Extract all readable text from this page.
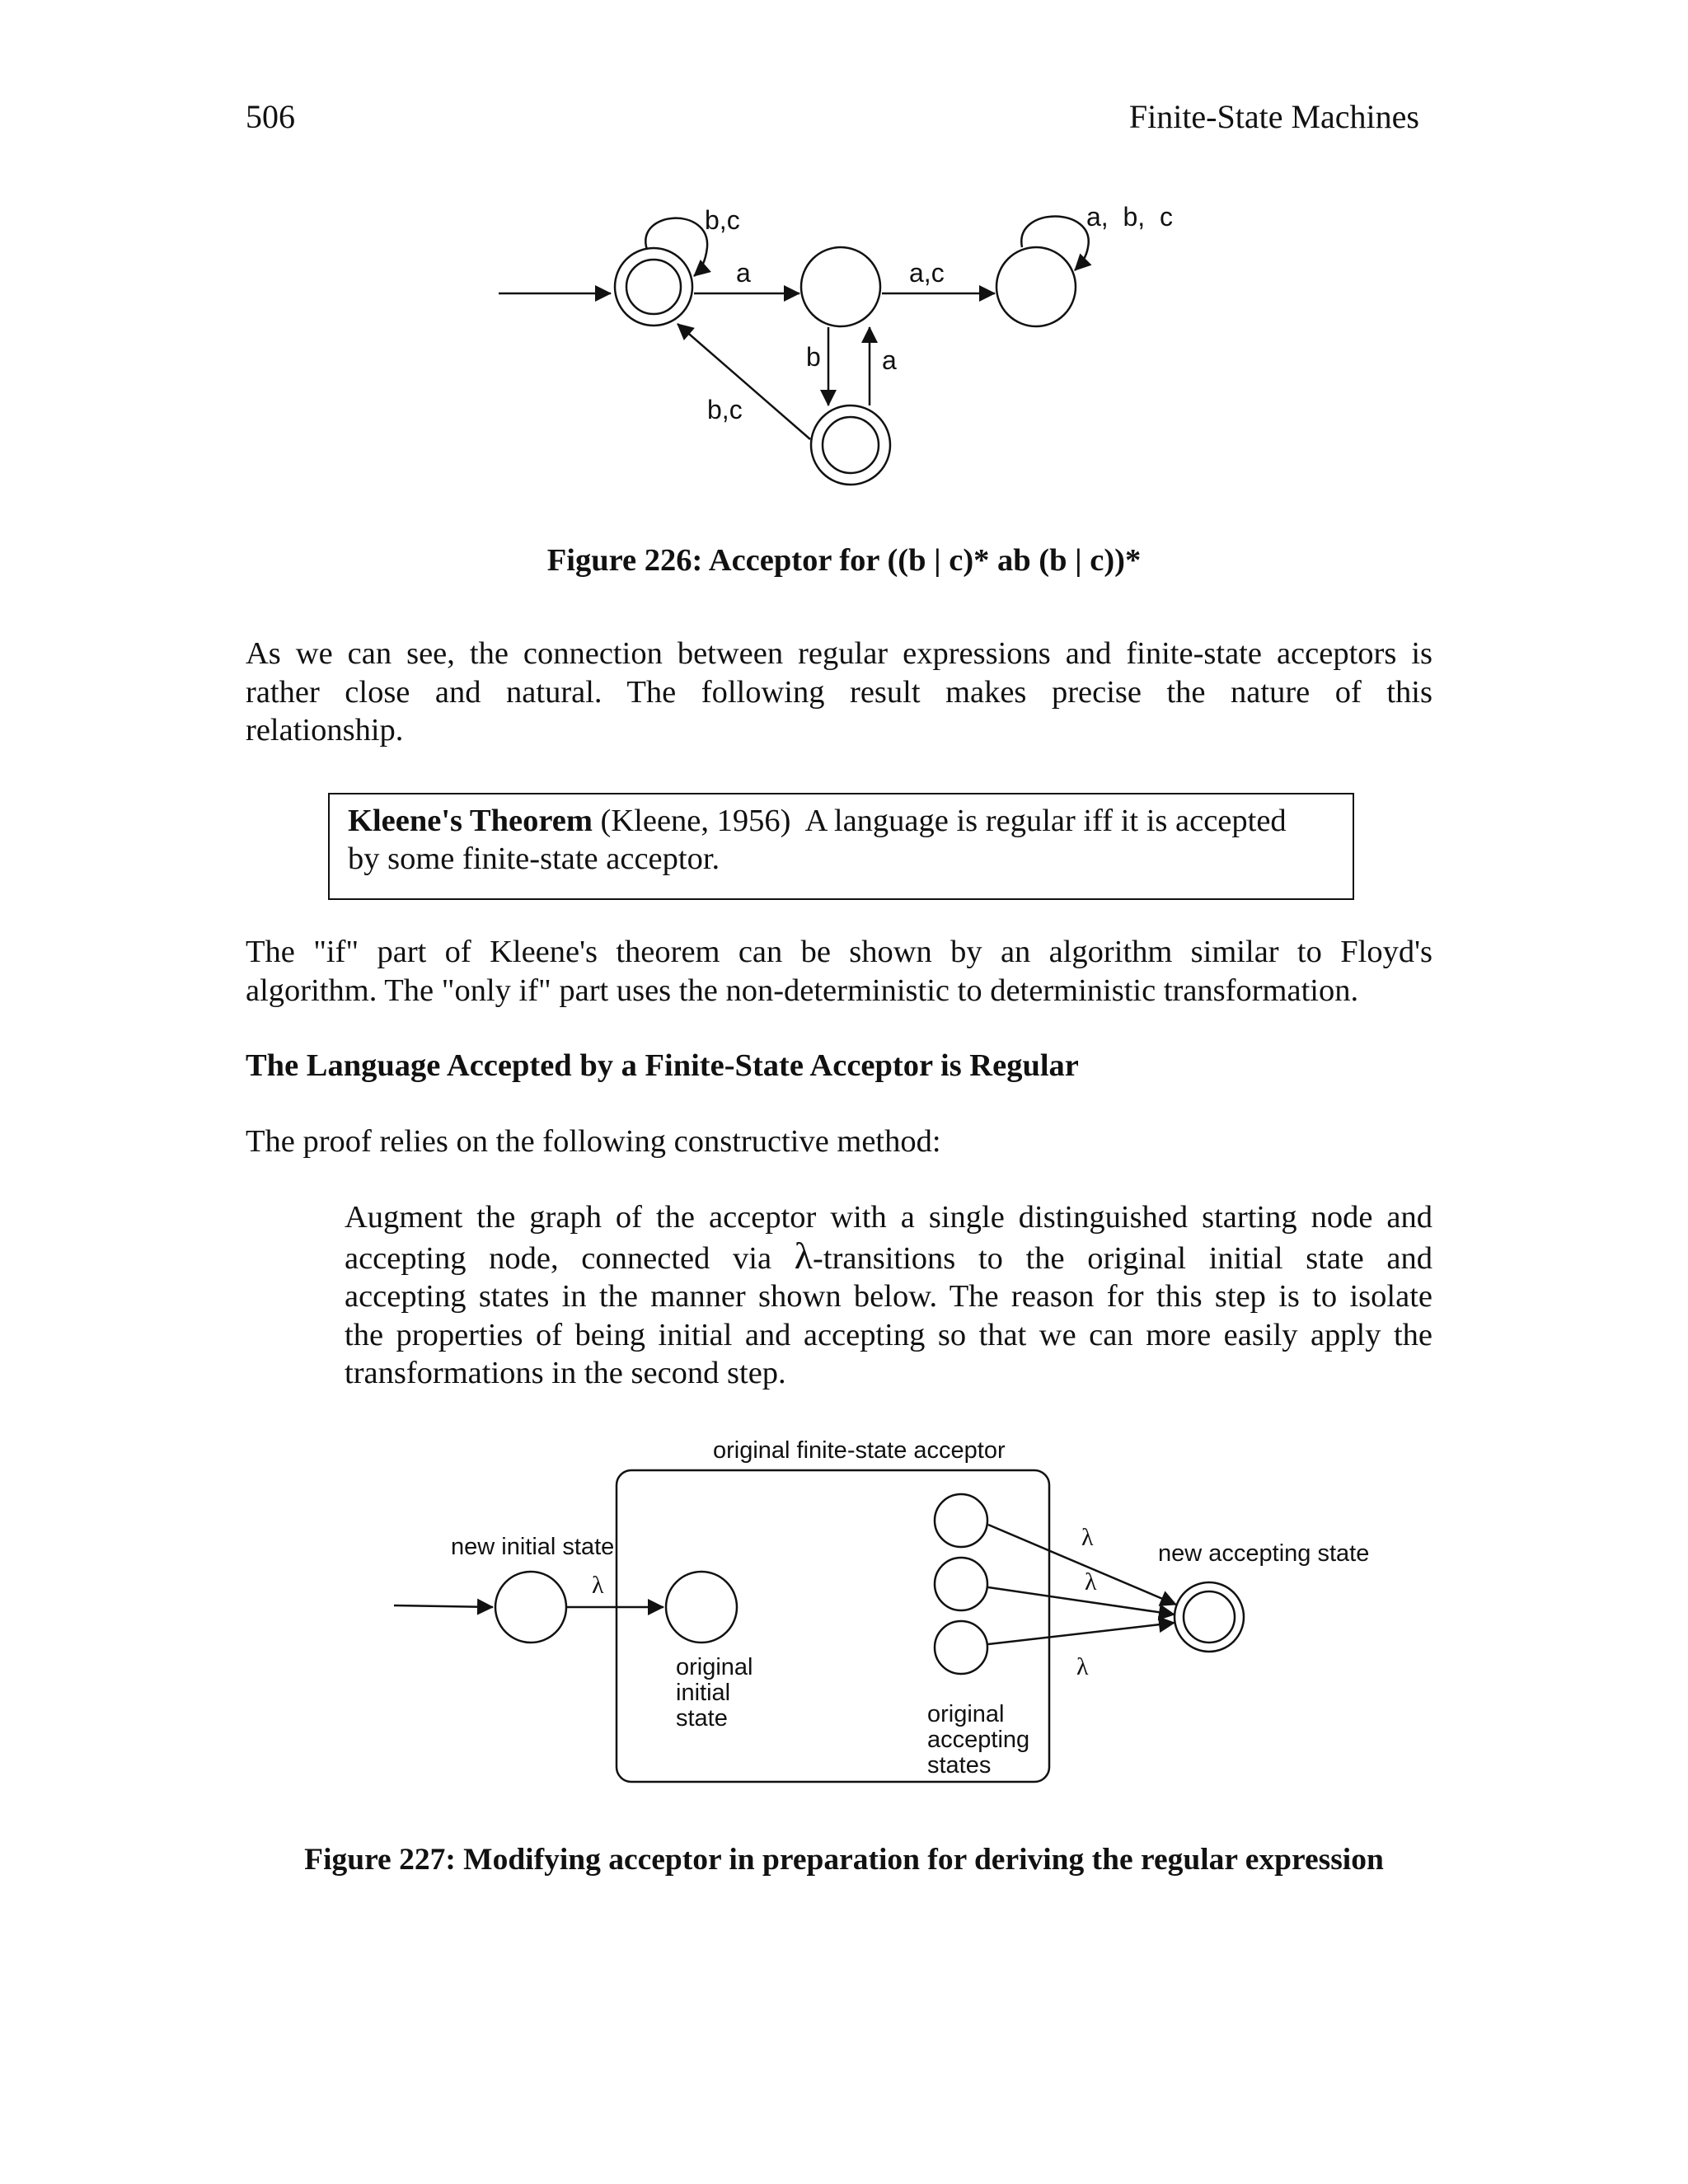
506	Finite-State Machines
b,c
a	a,c
a,  b,  c
b a
b,c
Figure 226: Acceptor for ((b | c)* ab (b | c))*
As we can see, the connection between regular expressions and finite-state acceptors is
rather close and natural. The following result makes precise the nature of this
relationship.
Kleene's Theorem (Kleene, 1956) A language is regular iff it is accepted
by some finite-state acceptor.
The "if" part of Kleene's theorem can be shown by an algorithm similar to Floyd's
algorithm. The "only if" part uses the non-deterministic to deterministic transformation.
The Language Accepted by a Finite-State Acceptor is Regular
The proof relies on the following constructive method:
Augment the graph of the acceptor with a single distinguished starting node and
accepting node, connected via λ-transitions to the original initial state and
accepting states in the manner shown below. The reason for this step is to isolate
the properties of being initial and accepting so that we can more easily apply the
transformations in the second step.
original finite-state acceptor
new initial state	new accepting state
λ
λ
λ
λ
original
initial
state	original
accepting
states
Figure 227: Modifying acceptor in preparation for deriving the regular expression
